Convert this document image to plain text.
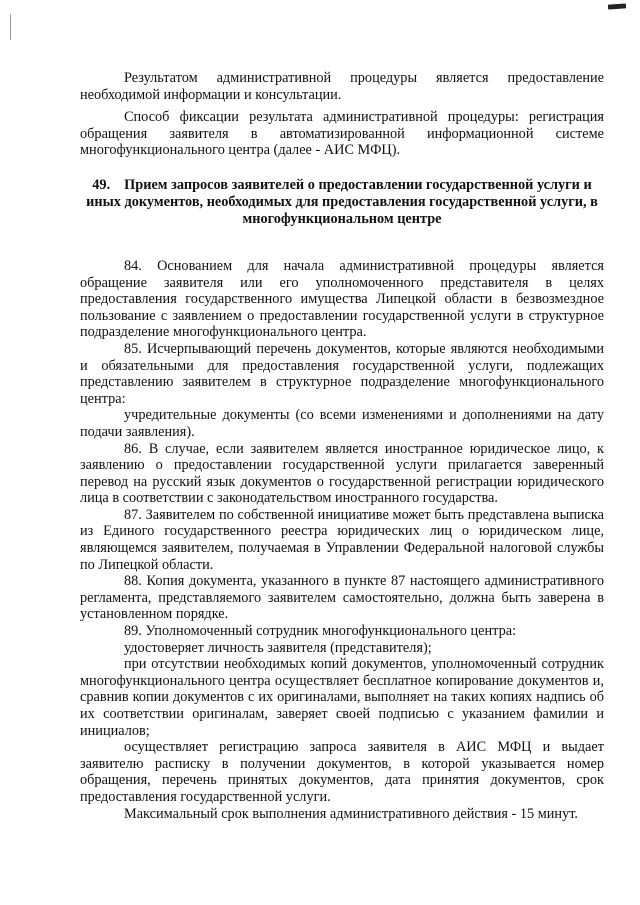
Результатом административной процедуры является предоставление необходимой информации и консультации.

Способ фиксации результата административной процедуры: регистрация обращения заявителя в автоматизированной информационной системе многофункционального центра (далее - АИС МФЦ).

49. Прием запросов заявителей о предоставлении государственной услуги и иных документов, необходимых для предоставления государственной услуги, в многофункциональном центре

84. Основанием для начала административной процедуры является обращение заявителя или его уполномоченного представителя в целях предоставления государственного имущества Липецкой области в безвозмездное пользование с заявлением о предоставлении государственной услуги в структурное подразделение многофункционального центра.

85. Исчерпывающий перечень документов, которые являются необходимыми и обязательными для предоставления государственной услуги, подлежащих представлению заявителем в структурное подразделение многофункционального центра:

учредительные документы (со всеми изменениями и дополнениями на дату подачи заявления).

86. В случае, если заявителем является иностранное юридическое лицо, к заявлению о предоставлении государственной услуги прилагается заверенный перевод на русский язык документов о государственной регистрации юридического лица в соответствии с законодательством иностранного государства.

87. Заявителем по собственной инициативе может быть представлена выписка из Единого государственного реестра юридических лиц о юридическом лице, являющемся заявителем, получаемая в Управлении Федеральной налоговой службы по Липецкой области.

88. Копия документа, указанного в пункте 87 настоящего административного регламента, представляемого заявителем самостоятельно, должна быть заверена в установленном порядке.

89. Уполномоченный сотрудник многофункционального центра:

удостоверяет личность заявителя (представителя);

при отсутствии необходимых копий документов, уполномоченный сотрудник многофункционального центра осуществляет бесплатное копирование документов и, сравнив копии документов с их оригиналами, выполняет на таких копиях надпись об их соответствии оригиналам, заверяет своей подписью с указанием фамилии и инициалов;

осуществляет регистрацию запроса заявителя в АИС МФЦ и выдает заявителю расписку в получении документов, в которой указывается номер обращения, перечень принятых документов, дата принятия документов, срок предоставления государственной услуги.

Максимальный срок выполнения административного действия - 15 минут.
